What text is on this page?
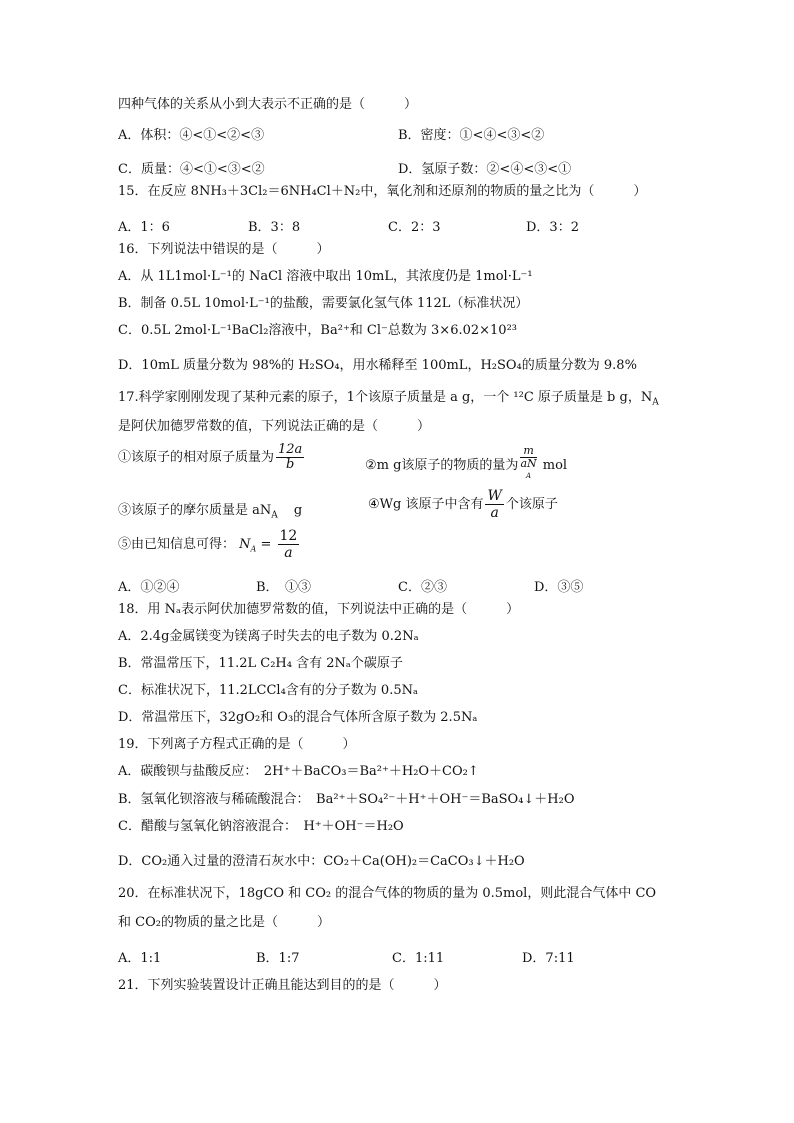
四种气体的关系从小到大表示不正确的是（　　　）
A．体积：④<①<②<③	B．密度：①<④<③<②
C．质量：④<①<③<②	D．氢原子数：②<④<③<①
15．在反应 8NH₃＋3Cl₂＝6NH₄Cl＋N₂中，氧化剂和还原剂的物质的量之比为（　　　）
A．1：6	B．3：8	C．2：3	D．3：2
16．下列说法中错误的是（　　　）
A．从 1L1mol·L⁻¹的 NaCl 溶液中取出 10mL，其浓度仍是 1mol·L⁻¹
B．制备 0.5L 10mol·L⁻¹的盐酸，需要氯化氢气体 112L（标准状况）
C．0.5L 2mol·L⁻¹BaCl₂溶液中，Ba²⁺和 Cl⁻总数为 3×6.02×10²³
D．10mL 质量分数为 98%的 H₂SO₄，用水稀释至 100mL，H₂SO₄的质量分数为 9.8%
17.科学家刚刚发现了某种元素的原子，1个该原子质量是 a g，一个 ¹²C 原子质量是 b g，$N_A$
是阿伏加德罗常数的值，下列说法正确的是（　　　）
①该原子的相对原子质量为 $\frac{12a}{b}$	②m g该原子的物质的量为 m
aN
$^A$ mol
③该原子的摩尔质量是 $aN_A$ g	④Wg 该原子中含有 $\frac{W}{a}$ 个该原子
⑤由已知信息可得： $N_A = \frac{12}{a}$
A．①②④	B．　①③	C．②③	D．③⑤
18．用 Nₐ表示阿伏加德罗常数的值，下列说法中正确的是（　　　）
A．2.4g金属镁变为镁离子时失去的电子数为 0.2Nₐ
B．常温常压下，11.2L C₂H₄ 含有 2Nₐ个碳原子
C．标准状况下，11.2LCCl₄含有的分子数为 0.5Nₐ
D．常温常压下，32gO₂和 O₃的混合气体所含原子数为 2.5Nₐ
19．下列离子方程式正确的是（　　　）
A．碳酸钡与盐酸反应：　2H⁺＋BaCO₃＝Ba²⁺＋H₂O＋CO₂↑
B．氢氧化钡溶液与稀硫酸混合：　Ba²⁺＋SO₄²⁻＋H⁺＋OH⁻＝BaSO₄↓＋H₂O
C．醋酸与氢氧化钠溶液混合：　H⁺＋OH⁻＝H₂O
D．CO₂通入过量的澄清石灰水中：CO₂＋Ca(OH)₂＝CaCO₃↓＋H₂O
20．在标准状况下，18gCO 和 CO₂ 的混合气体的物质的量为 0.5mol，则此混合气体中 CO
和 CO₂的物质的量之比是（　　　）
A．1:1	B．1:7	C．1:11	D．7:11
21．下列实验装置设计正确且能达到目的的是（　　　）
